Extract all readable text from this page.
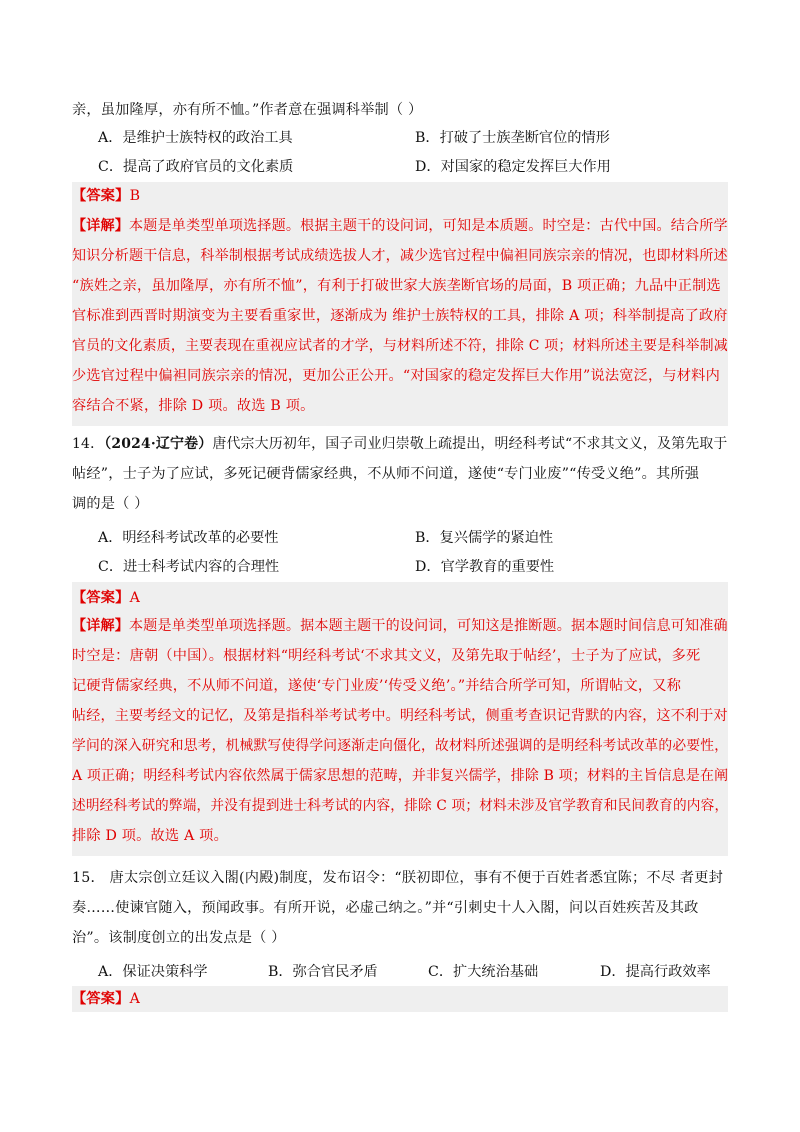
亲，虽加隆厚，亦有所不恤。”作者意在强调科举制（ ）
A．是维护士族特权的政治工具	B．打破了士族垄断官位的情形
C．提高了政府官员的文化素质	D．对国家的稳定发挥巨大作用
【答案】B
【详解】本题是单类型单项选择题。根据主题干的设问词，可知是本质题。时空是：古代中国。结合所学
知识分析题干信息，科举制根据考试成绩选拔人才，减少选官过程中偏袒同族宗亲的情况，也即材料所述
“族姓之亲，虽加隆厚，亦有所不恤”，有利于打破世家大族垄断官场的局面，B 项正确；九品中正制选
官标准到西晋时期演变为主要看重家世，逐渐成为 维护士族特权的工具，排除 A 项；科举制提高了政府
官员的文化素质，主要表现在重视应试者的才学，与材料所述不符，排除 C 项；材料所述主要是科举制减
少选官过程中偏袒同族宗亲的情况，更加公正公开。“对国家的稳定发挥巨大作用”说法宽泛，与材料内
容结合不紧，排除 D 项。故选 B 项。
14．（2024·辽宁卷）唐代宗大历初年，国子司业归崇敬上疏提出，明经科考试“不求其文义，及第先取于
帖经”，士子为了应试，多死记硬背儒家经典，不从师不问道，遂使“专门业废”“传受义绝”。其所强
调的是（ ）
A．明经科考试改革的必要性	B．复兴儒学的紧迫性
C．进士科考试内容的合理性	D．官学教育的重要性
【答案】A
【详解】本题是单类型单项选择题。据本题主题干的设问词，可知这是推断题。据本题时间信息可知准确
时空是：唐朝（中国）。根据材料“明经科考试‘不求其文义，及第先取于帖经’，士子为了应试，多死
记硬背儒家经典，不从师不问道，遂使‘专门业废’‘传受义绝’。”并结合所学可知，所谓帖文，又称
帖经，主要考经文的记忆，及第是指科举考试考中。明经科考试，侧重考查识记背默的内容，这不利于对
学问的深入研究和思考，机械默写使得学问逐渐走向僵化，故材料所述强调的是明经科考试改革的必要性，
A 项正确；明经科考试内容依然属于儒家思想的范畴，并非复兴儒学，排除 B 项；材料的主旨信息是在阐
述明经科考试的弊端，并没有提到进士科考试的内容，排除 C 项；材料未涉及官学教育和民间教育的内容，
排除 D 项。故选 A 项。
15． 唐太宗创立廷议入閤(内殿)制度，发布诏令：“朕初即位，事有不便于百姓者悉宜陈；不尽 者更封
奏……使谏官随入，预闻政事。有所开说，必虚己纳之。”并“引刺史十人入閤，问以百姓疾苦及其政
治”。该制度创立的出发点是（ ）
A．保证决策科学	B．弥合官民矛盾	C．扩大统治基础	D．提高行政效率
【答案】A
